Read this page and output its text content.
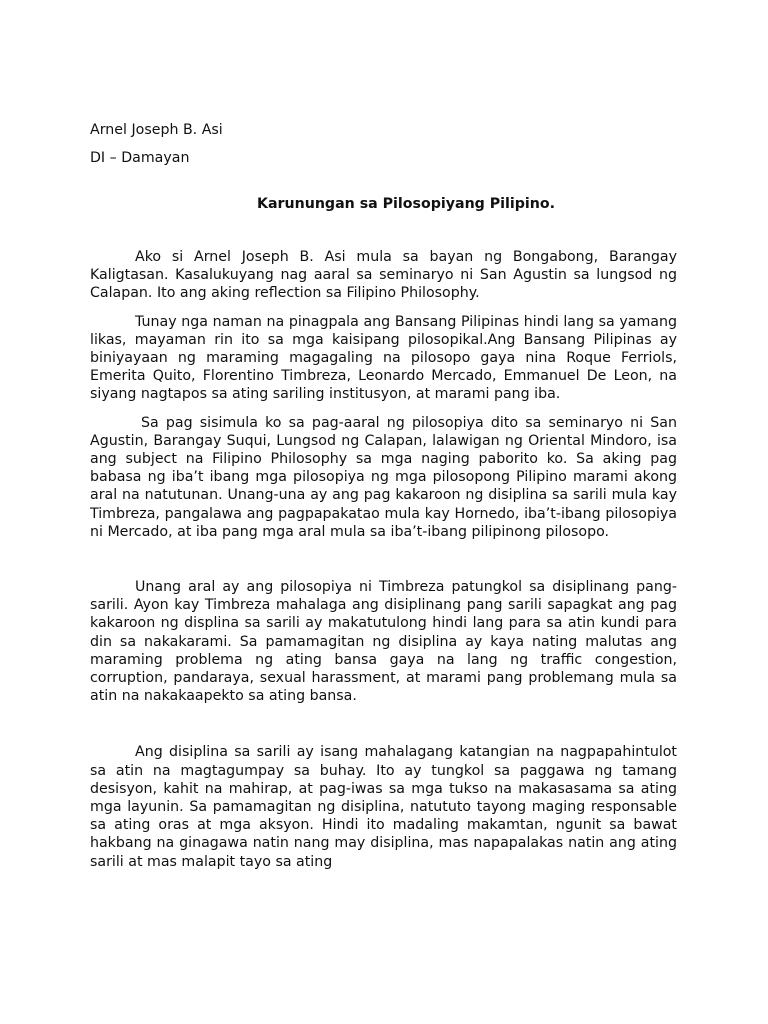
Arnel Joseph B. Asi

DI – Damayan

Karunungan sa Pilosopiyang Pilipino.

Ako si Arnel Joseph B. Asi mula sa bayan ng Bongabong, Barangay Kaligtasan. Kasalukuyang nag aaral sa seminaryo ni San Agustin sa lungsod ng Calapan. Ito ang aking reflection sa Filipino Philosophy.

Tunay nga naman na pinagpala ang Bansang Pilipinas hindi lang sa yamang likas, mayaman rin ito sa mga kaisipang pilosopikal.Ang Bansang Pilipinas ay biniyayaan ng maraming magagaling na pilosopo gaya nina Roque Ferriols, Emerita Quito, Florentino Timbreza, Leonardo Mercado, Emmanuel De Leon, na siyang nagtapos sa ating sariling institusyon, at marami pang iba.

Sa pag sisimula ko sa pag-aaral ng pilosopiya dito sa seminaryo ni San Agustin, Barangay Suqui, Lungsod ng Calapan, lalawigan ng Oriental Mindoro, isa ang subject na Filipino Philosophy sa mga naging paborito ko. Sa aking pag babasa ng iba’t ibang mga pilosopiya ng mga pilosopong Pilipino marami akong aral na natutunan. Unang-una ay ang pag kakaroon ng disiplina sa sarili mula kay Timbreza, pangalawa ang pagpapakatao mula kay Hornedo, iba’t-ibang pilosopiya ni Mercado, at iba pang mga aral mula sa iba’t-ibang pilipinong pilosopo.

Unang aral ay ang pilosopiya ni Timbreza patungkol sa disiplinang pang-sarili. Ayon kay Timbreza mahalaga ang disiplinang pang sarili sapagkat ang pag kakaroon ng displina sa sarili ay makatutulong hindi lang para sa atin kundi para din sa nakakarami. Sa pamamagitan ng disiplina ay kaya nating malutas ang maraming problema ng ating bansa gaya na lang ng traffic congestion, corruption, pandaraya, sexual harassment, at marami pang problemang mula sa atin na nakakaapekto sa ating bansa.

Ang disiplina sa sarili ay isang mahalagang katangian na nagpapahintulot sa atin na magtagumpay sa buhay. Ito ay tungkol sa paggawa ng tamang desisyon, kahit na mahirap, at pag-iwas sa mga tukso na makasasama sa ating mga layunin. Sa pamamagitan ng disiplina, natututo tayong maging responsable sa ating oras at mga aksyon. Hindi ito madaling makamtan, ngunit sa bawat hakbang na ginagawa natin nang may disiplina, mas napapalakas natin ang ating sarili at mas malapit tayo sa ating
